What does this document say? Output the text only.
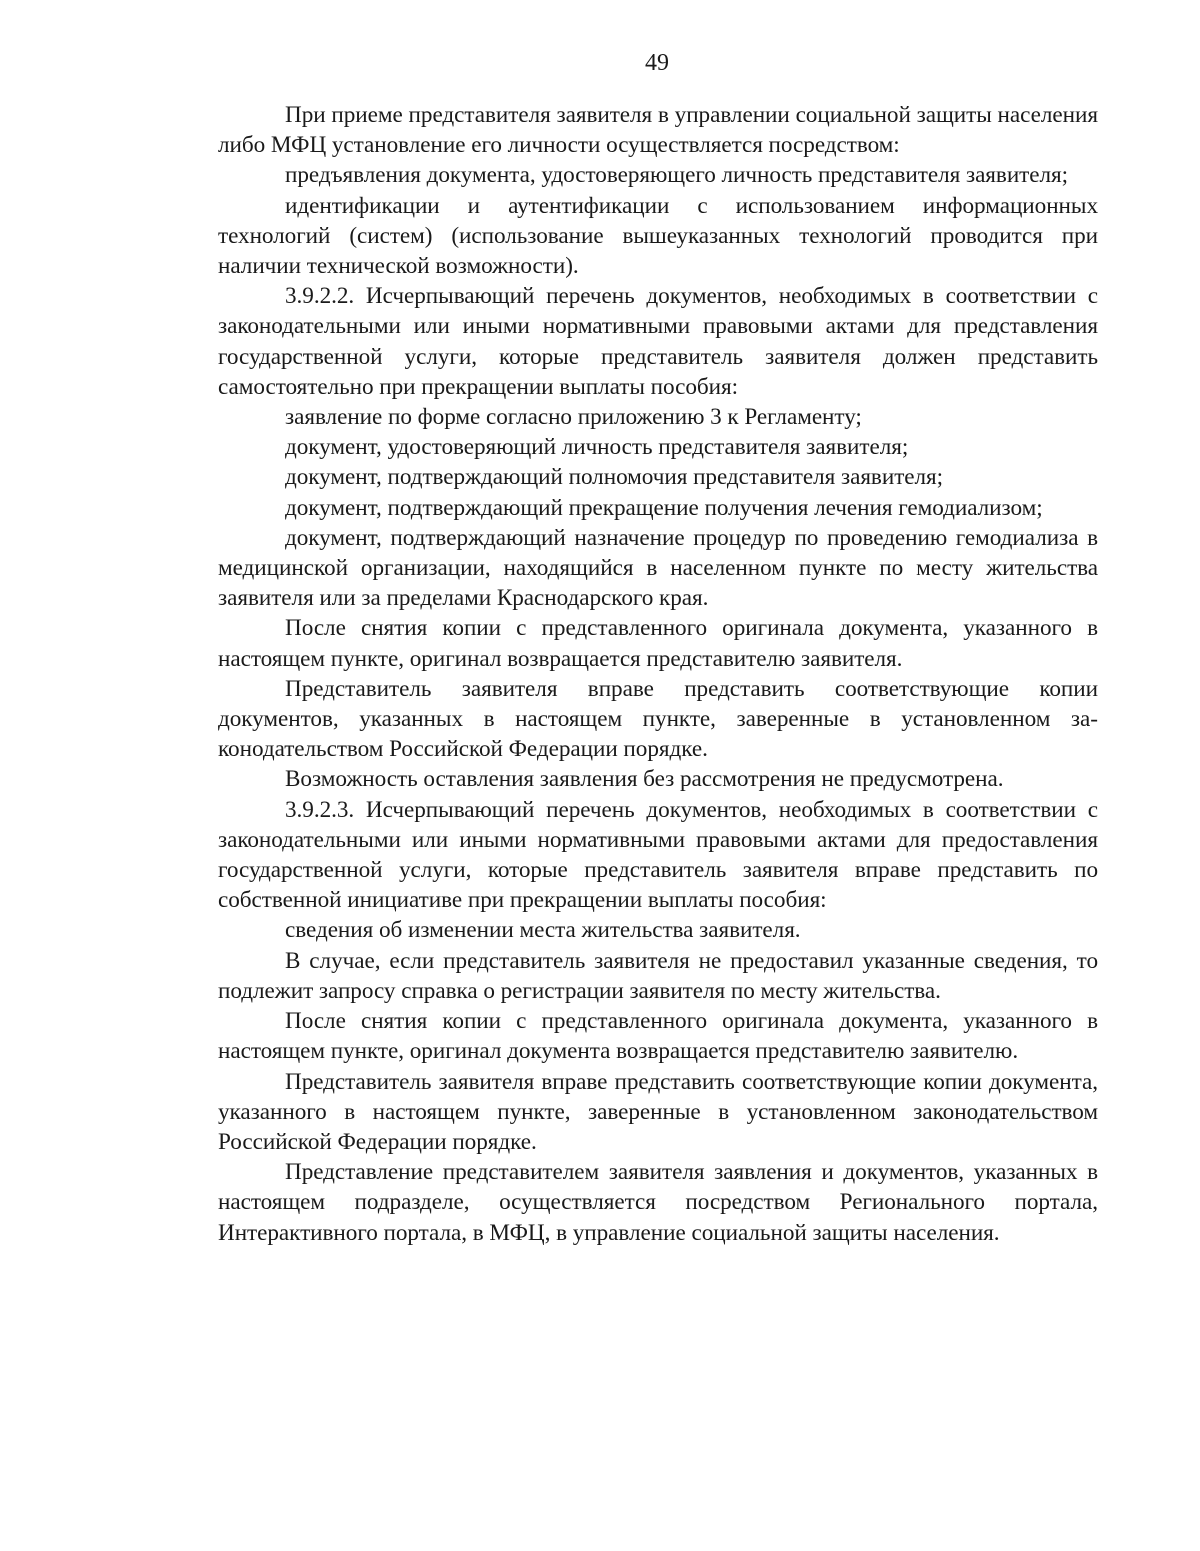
49

При приеме представителя заявителя в управлении социальной защиты населения либо МФЦ установление его личности осуществляется посредством:

предъявления документа, удостоверяющего личность представителя заявителя;

идентификации и аутентификации с использованием информационных технологий (систем) (использование вышеуказанных технологий проводится при наличии технической возможности).

3.9.2.2. Исчерпывающий перечень документов, необходимых в соответствии с законодательными или иными нормативными правовыми актами для представления государственной услуги, которые представитель заявителя должен представить самостоятельно при прекращении выплаты пособия:

заявление по форме согласно приложению 3 к Регламенту;

документ, удостоверяющий личность представителя заявителя;

документ, подтверждающий полномочия представителя заявителя;

документ, подтверждающий прекращение получения лечения гемодиализом;

документ, подтверждающий назначение процедур по проведению гемодиализа в медицинской организации, находящийся в населенном пункте по месту жительства заявителя или за пределами Краснодарского края.

После снятия копии с представленного оригинала документа, указанного в настоящем пункте, оригинал возвращается представителю заявителя.

Представитель заявителя вправе представить соответствующие копии документов, указанных в настоящем пункте, заверенные в установленном законодательством Российской Федерации порядке.

Возможность оставления заявления без рассмотрения не предусмотрена.

3.9.2.3. Исчерпывающий перечень документов, необходимых в соответствии с законодательными или иными нормативными правовыми актами для предоставления государственной услуги, которые представитель заявителя вправе представить по собственной инициативе при прекращении выплаты пособия:

сведения об изменении места жительства заявителя.

В случае, если представитель заявителя не предоставил указанные сведения, то подлежит запросу справка о регистрации заявителя по месту жительства.

После снятия копии с представленного оригинала документа, указанного в настоящем пункте, оригинал документа возвращается представителю заявителю.

Представитель заявителя вправе представить соответствующие копии документа, указанного в настоящем пункте, заверенные в установленном законодательством Российской Федерации порядке.

Представление представителем заявителя заявления и документов, указанных в настоящем подразделе, осуществляется посредством Регионального портала, Интерактивного портала, в МФЦ, в управление социальной защиты населения.
